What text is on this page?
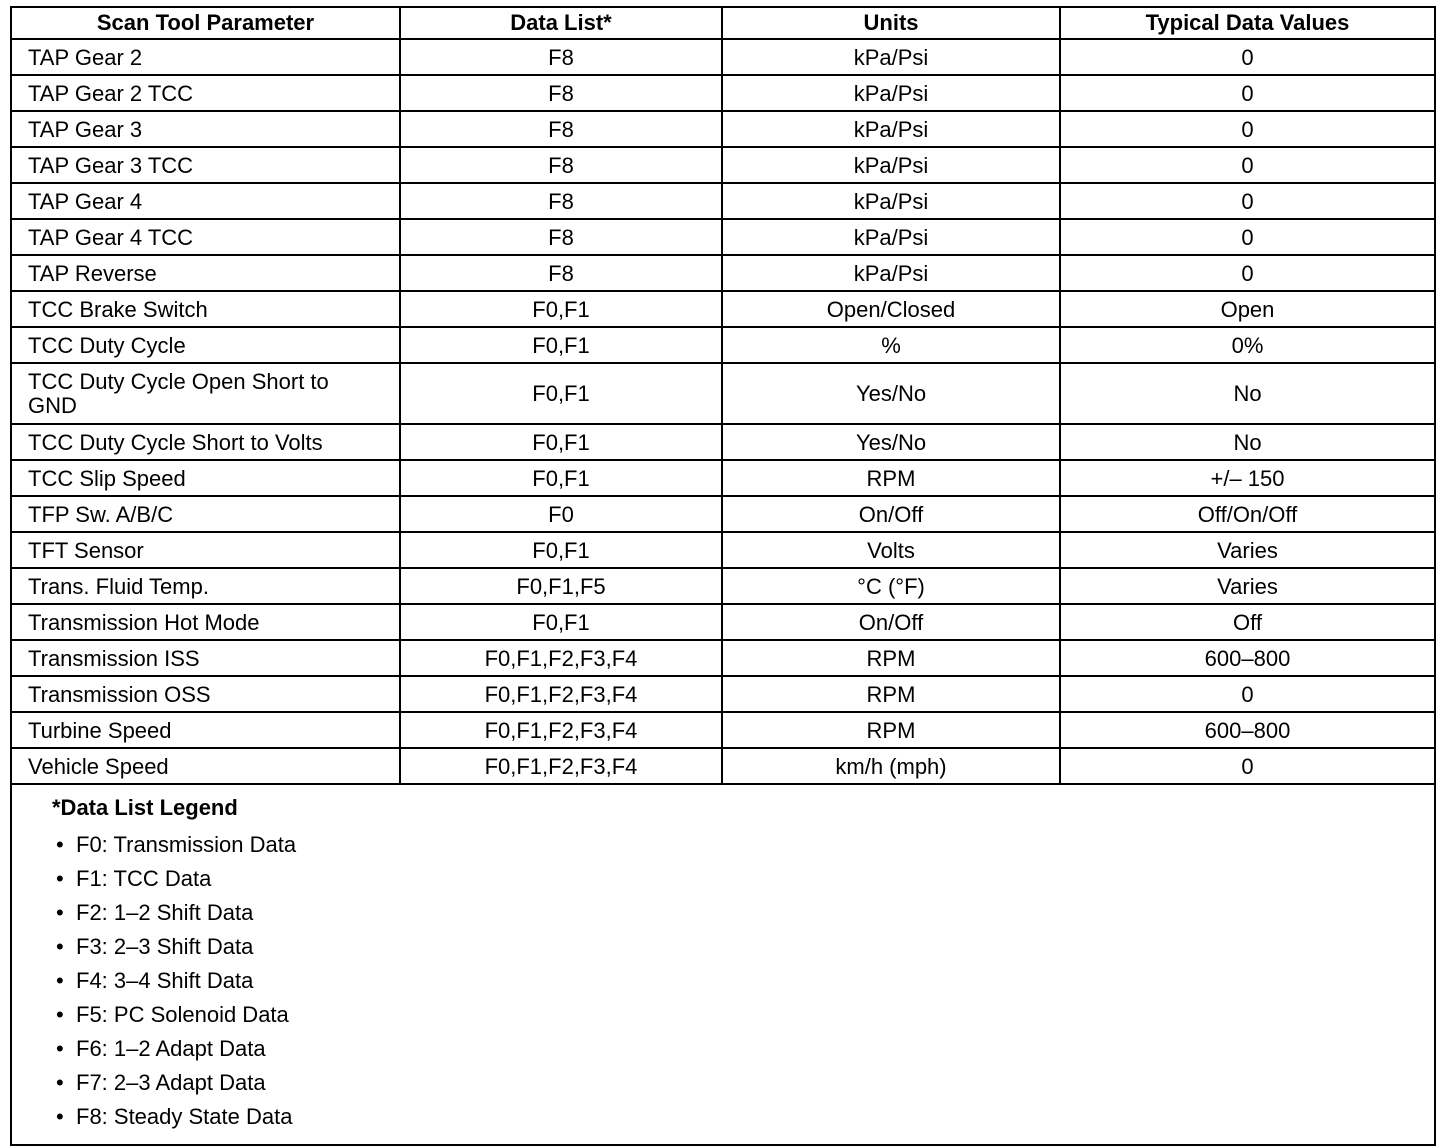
Scan Tool Parameter	Data List*	Units	Typical Data Values
TAP Gear 2	F8	kPa/Psi	0
TAP Gear 2 TCC	F8	kPa/Psi	0
TAP Gear 3	F8	kPa/Psi	0
TAP Gear 3 TCC	F8	kPa/Psi	0
TAP Gear 4	F8	kPa/Psi	0
TAP Gear 4 TCC	F8	kPa/Psi	0
TAP Reverse	F8	kPa/Psi	0
TCC Brake Switch	F0,F1	Open/Closed	Open
TCC Duty Cycle	F0,F1	%	0%
TCC Duty Cycle Open Short to GND	F0,F1	Yes/No	No
TCC Duty Cycle Short to Volts	F0,F1	Yes/No	No
TCC Slip Speed	F0,F1	RPM	+/– 150
TFP Sw. A/B/C	F0	On/Off	Off/On/Off
TFT Sensor	F0,F1	Volts	Varies
Trans. Fluid Temp.	F0,F1,F5	°C (°F)	Varies
Transmission Hot Mode	F0,F1	On/Off	Off
Transmission ISS	F0,F1,F2,F3,F4	RPM	600–800
Transmission OSS	F0,F1,F2,F3,F4	RPM	0
Turbine Speed	F0,F1,F2,F3,F4	RPM	600–800
Vehicle Speed	F0,F1,F2,F3,F4	km/h (mph)	0
*Data List Legend
• F0: Transmission Data
• F1: TCC Data
• F2: 1–2 Shift Data
• F3: 2–3 Shift Data
• F4: 3–4 Shift Data
• F5: PC Solenoid Data
• F6: 1–2 Adapt Data
• F7: 2–3 Adapt Data
• F8: Steady State Data
